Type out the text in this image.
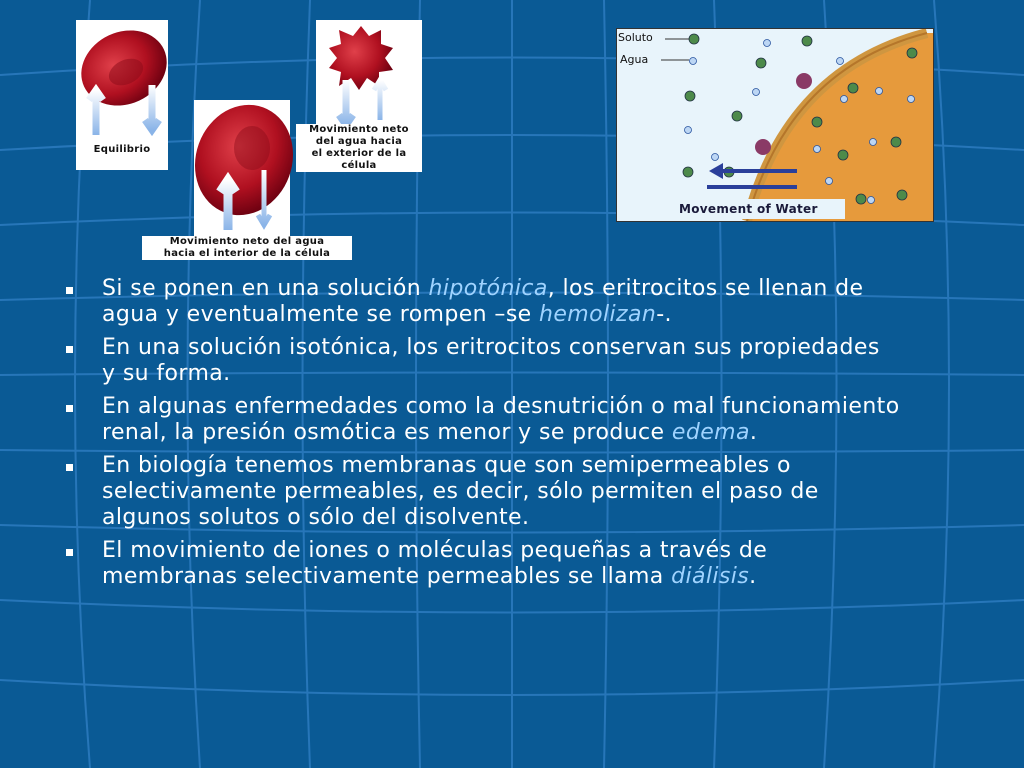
Equilibrio
Movimiento neto
del agua hacia
el exterior de la
célula
Movimiento neto del agua
hacia el interior de la célula
Soluto
Agua
Movement of Water
Si se ponen en una solución hipotónica, los eritrocitos se llenan de agua y eventualmente se rompen –se hemolizan-.
En una solución isotónica, los eritrocitos conservan sus propiedades y su forma.
En algunas enfermedades como la desnutrición o mal funcionamiento renal, la presión osmótica es menor y se produce edema.
En biología tenemos membranas que son semipermeables o selectivamente permeables, es decir, sólo permiten el paso de algunos solutos o sólo del disolvente.
El movimiento de iones o moléculas pequeñas a través de membranas selectivamente permeables se llama diálisis.
